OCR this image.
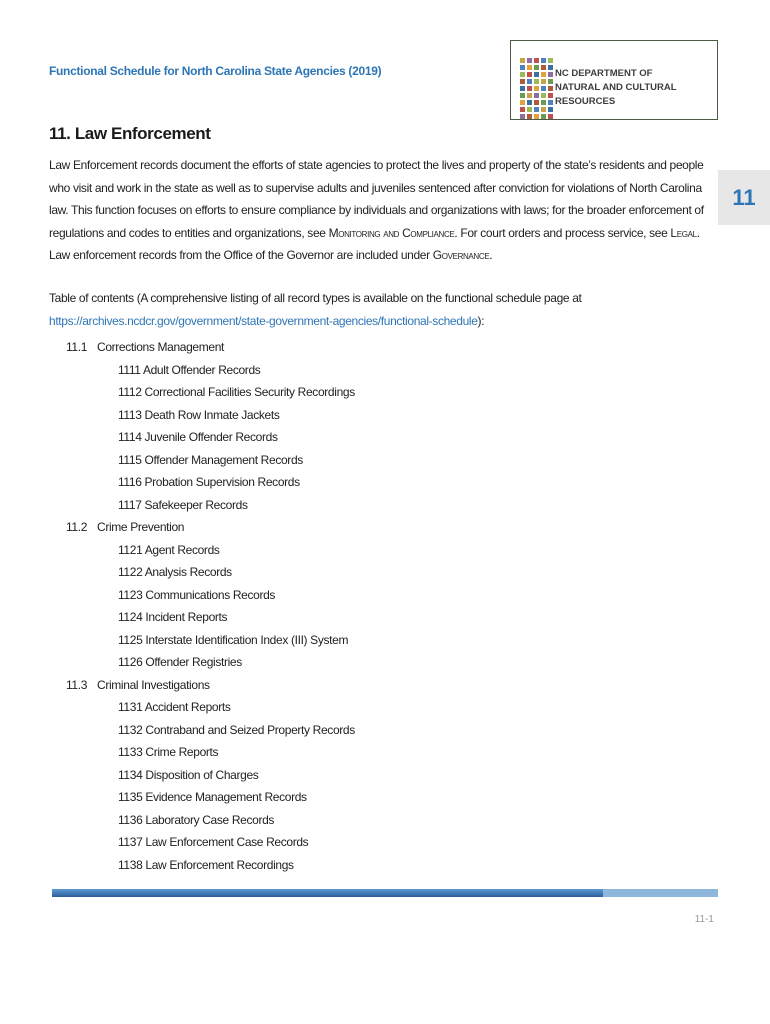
Functional Schedule for North Carolina State Agencies (2019)	NC DEPARTMENT OF
NATURAL AND CULTURAL RESOURCES
11
11. Law Enforcement

Law Enforcement records document the efforts of state agencies to protect the lives and property of the state’s residents and people who visit and work in the state as well as to supervise adults and juveniles sentenced after conviction for violations of North Carolina law. This function focuses on efforts to ensure compliance by individuals and organizations with laws; for the broader enforcement of regulations and codes to entities and organizations, see Monitoring and Compliance. For court orders and process service, see Legal. Law enforcement records from the Office of the Governor are included under Governance.

Table of contents (A comprehensive listing of all record types is available on the functional schedule page at https://archives.ncdcr.gov/government/state-government-agencies/functional-schedule):

11.1 Corrections Management
1111 Adult Offender Records
1112 Correctional Facilities Security Recordings
1113 Death Row Inmate Jackets
1114 Juvenile Offender Records
1115 Offender Management Records
1116 Probation Supervision Records
1117 Safekeeper Records
11.2 Crime Prevention
1121 Agent Records
1122 Analysis Records
1123 Communications Records
1124 Incident Reports
1125 Interstate Identification Index (III) System
1126 Offender Registries
11.3 Criminal Investigations
1131 Accident Reports
1132 Contraband and Seized Property Records
1133 Crime Reports
1134 Disposition of Charges
1135 Evidence Management Records
1136 Laboratory Case Records
1137 Law Enforcement Case Records
1138 Law Enforcement Recordings
11-1
